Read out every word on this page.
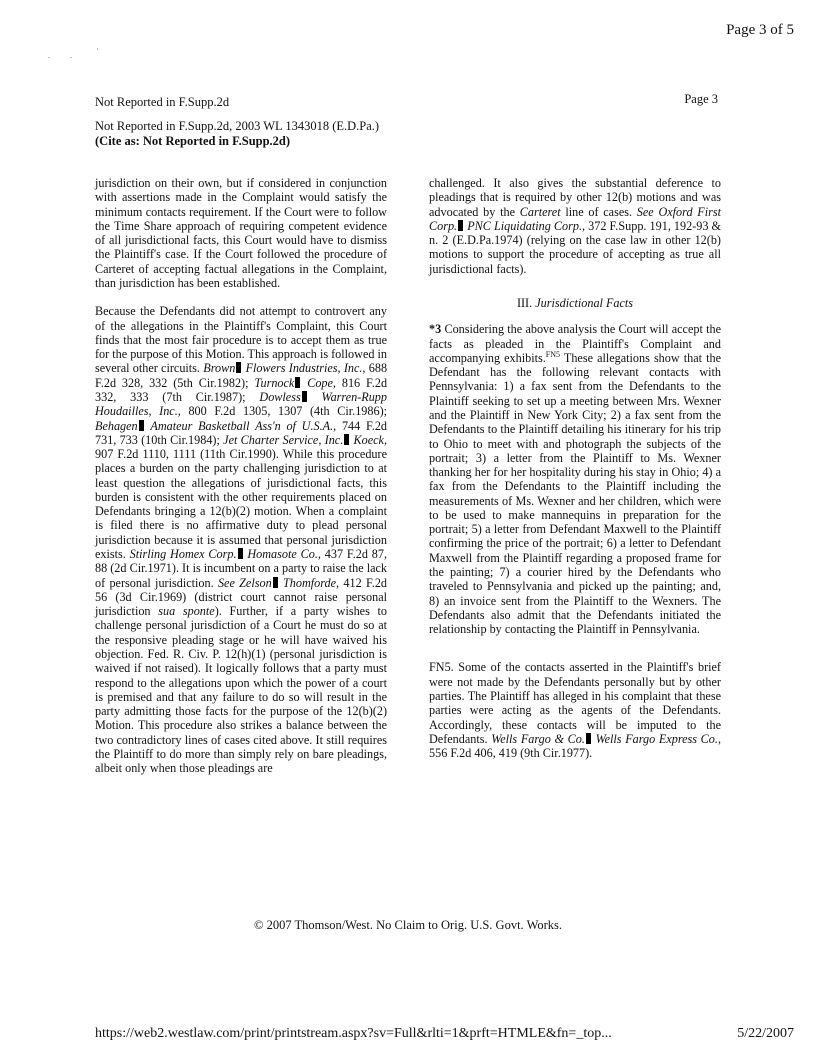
Page 3 of 5
Not Reported in F.Supp.2d	Page 3
Not Reported in F.Supp.2d, 2003 WL 1343018 (E.D.Pa.)
(Cite as: Not Reported in F.Supp.2d)

jurisdiction on their own, but if considered in conjunction with assertions made in the Complaint would satisfy the minimum contacts requirement. If the Court were to follow the Time Share approach of requiring competent evidence of all jurisdictional facts, this Court would have to dismiss the Plaintiff's case. If the Court followed the procedure of Carteret of accepting factual allegations in the Complaint, than jurisdiction has been established.

Because the Defendants did not attempt to controvert any of the allegations in the Plaintiff's Complaint, this Court finds that the most fair procedure is to accept them as true for the purpose of this Motion. This approach is followed in several other circuits. Brown Flowers Industries, Inc., 688 F.2d 328, 332 (5th Cir.1982); Turnock Cope, 816 F.2d 332, 333 (7th Cir.1987); Dowless Warren-Rupp Houdailles, Inc., 800 F.2d 1305, 1307 (4th Cir.1986); Behagen Amateur Basketball Ass'n of U.S.A., 744 F.2d 731, 733 (10th Cir.1984); Jet Charter Service, Inc. Koeck, 907 F.2d 1110, 1111 (11th Cir.1990). While this procedure places a burden on the party challenging jurisdiction to at least question the allegations of jurisdictional facts, this burden is consistent with the other requirements placed on Defendants bringing a 12(b)(2) motion. When a complaint is filed there is no affirmative duty to plead personal jurisdiction because it is assumed that personal jurisdiction exists. Stirling Homex Corp. Homasote Co., 437 F.2d 87, 88 (2d Cir.1971). It is incumbent on a party to raise the lack of personal jurisdiction. See Zelson Thomforde, 412 F.2d 56 (3d Cir.1969) (district court cannot raise personal jurisdiction sua sponte). Further, if a party wishes to challenge personal jurisdiction of a Court he must do so at the responsive pleading stage or he will have waived his objection. Fed. R. Civ. P. 12(h)(1) (personal jurisdiction is waived if not raised). It logically follows that a party must respond to the allegations upon which the power of a court is premised and that any failure to do so will result in the party admitting those facts for the purpose of the 12(b)(2) Motion. This procedure also strikes a balance between the two contradictory lines of cases cited above. It still requires the Plaintiff to do more than simply rely on bare pleadings, albeit only when those pleadings are

challenged. It also gives the substantial deference to pleadings that is required by other 12(b) motions and was advocated by the Carteret line of cases. See Oxford First Corp. PNC Liquidating Corp., 372 F.Supp. 191, 192-93 & n. 2 (E.D.Pa.1974) (relying on the case law in other 12(b) motions to support the procedure of accepting as true all jurisdictional facts).

III. Jurisdictional Facts

*3 Considering the above analysis the Court will accept the facts as pleaded in the Plaintiff's Complaint and accompanying exhibits.$^{FN5}$ These allegations show that the Defendant has the following relevant contacts with Pennsylvania: 1) a fax sent from the Defendants to the Plaintiff seeking to set up a meeting between Mrs. Wexner and the Plaintiff in New York City; 2) a fax sent from the Defendants to the Plaintiff detailing his itinerary for his trip to Ohio to meet with and photograph the subjects of the portrait; 3) a letter from the Plaintiff to Ms. Wexner thanking her for her hospitality during his stay in Ohio; 4) a fax from the Defendants to the Plaintiff including the measurements of Ms. Wexner and her children, which were to be used to make mannequins in preparation for the portrait; 5) a letter from Defendant Maxwell to the Plaintiff confirming the price of the portrait; 6) a letter to Defendant Maxwell from the Plaintiff regarding a proposed frame for the painting; 7) a courier hired by the Defendants who traveled to Pennsylvania and picked up the painting; and, 8) an invoice sent from the Plaintiff to the Wexners. The Defendants also admit that the Defendants initiated the relationship by contacting the Plaintiff in Pennsylvania.

FN5. Some of the contacts asserted in the Plaintiff's brief were not made by the Defendants personally but by other parties. The Plaintiff has alleged in his complaint that these parties were acting as the agents of the Defendants. Accordingly, these contacts will be imputed to the Defendants. Wells Fargo & Co. Wells Fargo Express Co., 556 F.2d 406, 419 (9th Cir.1977).

© 2007 Thomson/West. No Claim to Orig. U.S. Govt. Works.
https://web2.westlaw.com/print/printstream.aspx?sv=Full&rlti=1&prft=HTMLE&fn=_top...	5/22/2007
